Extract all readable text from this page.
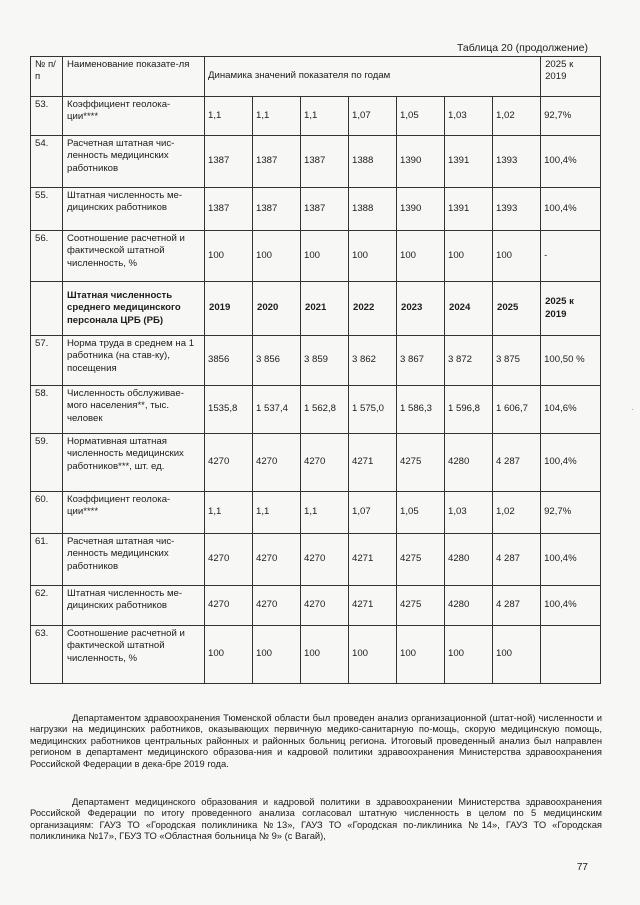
Таблица 20 (продолжение)
№ п/п	Наименование показате-ля	Динамика значений показателя по годам							2025 к 2019
53.	Коэффициент геолока-ции****	1,1	1,1	1,1	1,07	1,05	1,03	1,02	92,7%
54.	Расчетная штатная чис-ленность медицинских работников	1387	1387	1387	1388	1390	1391	1393	100,4%
55.	Штатная численность ме-дицинских работников	1387	1387	1387	1388	1390	1391	1393	100,4%
56.	Соотношение расчетной и фактической штатной численность, %	100	100	100	100	100	100	100	-
	Штатная численность среднего медицинского персонала ЦРБ (РБ)	2019	2020	2021	2022	2023	2024	2025	2025 к 2019
57.	Норма труда в среднем на 1 работника (на став-ку), посещения	3856	3 856	3 859	3 862	3 867	3 872	3 875	100,50 %
58.	Численность обслуживае-мого населения**, тыс. человек	1535,8	1 537,4	1 562,8	1 575,0	1 586,3	1 596,8	1 606,7	104,6%
59.	Нормативная штатная численность медицинских работников***, шт. ед.	4270	4270	4270	4271	4275	4280	4 287	100,4%
60.	Коэффициент геолока-ции****	1,1	1,1	1,1	1,07	1,05	1,03	1,02	92,7%
61.	Расчетная штатная чис-ленность медицинских работников	4270	4270	4270	4271	4275	4280	4 287	100,4%
62.	Штатная численность ме-дицинских работников	4270	4270	4270	4271	4275	4280	4 287	100,4%
63.	Соотношение расчетной и фактической штатной численность, %	100	100	100	100	100	100	100	

Департаментом здравоохранения Тюменской области был проведен анализ организационной (штат-ной) численности и нагрузки на медицинских работников, оказывающих первичную медико-санитарную по-мощь, скорую медицинскую помощь, медицинских работников центральных районных и районных больниц региона. Итоговый проведенный анализ был направлен регионом в департамент медицинского образова-ния и кадровой политики здравоохранения Министерства здравоохранения Российской Федерации в дека-бре 2019 года.

Департамент медицинского образования и кадровой политики в здравоохранении Министерства здравоохранения Российской Федерации по итогу проведенного анализа согласовал штатную численность в целом по 5 медицинским организациям: ГАУЗ ТО «Городская поликлиника №13», ГАУЗ ТО «Городская по-ликлиника №14», ГАУЗ ТО «Городская поликлиника №17», ГБУЗ ТО «Областная больница № 9» (с Вагай),

77
·
